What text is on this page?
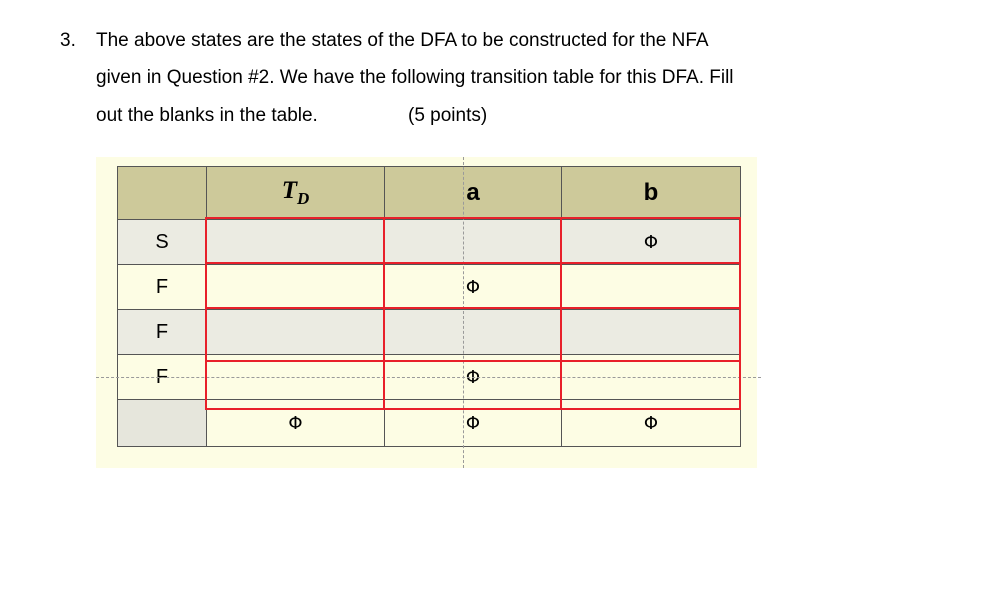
3. The above states are the states of the DFA to be constructed for the NFA
given in Question #2. We have the following transition table for this DFA. Fill
out the blanks in the table.	(5 points)
	$T_D$	a	b
S			Φ
F		Φ	
F			
F		Φ	
	Φ	Φ	Φ
